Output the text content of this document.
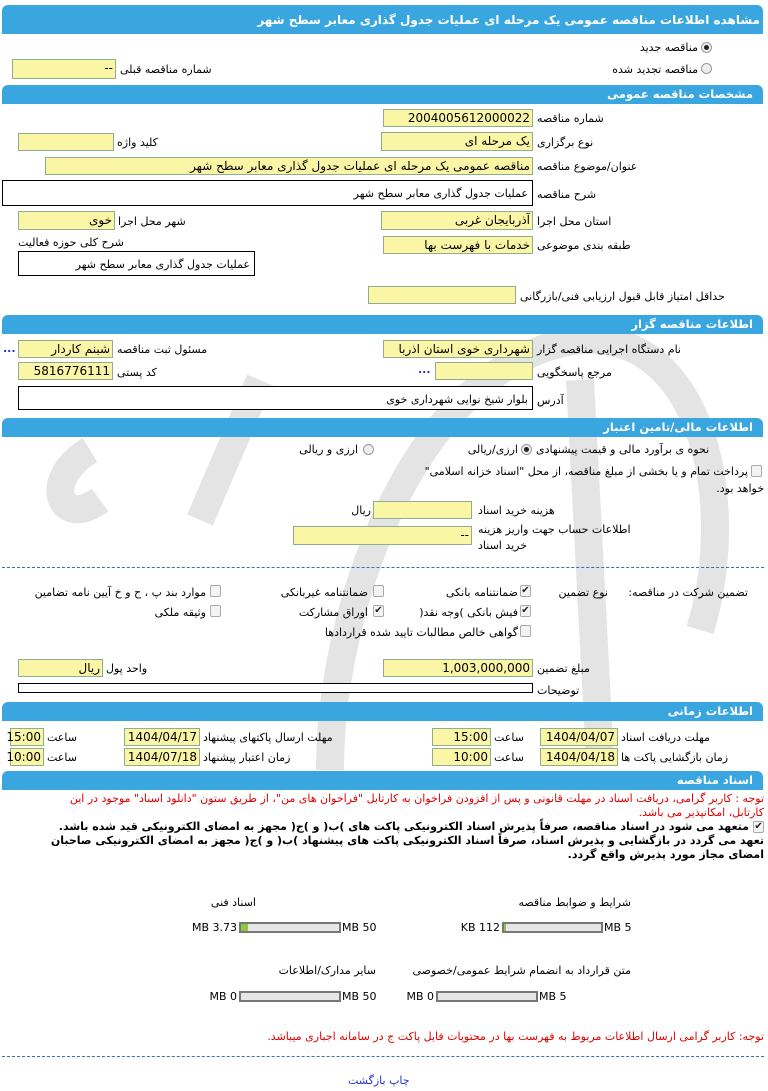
مشاهده اطلاعات مناقصه عمومی یک مرحله ای عملیات جدول گذاری معابر سطح شهر
مناقصه جدید
مناقصه تجدید شده
-- شماره مناقصه قبلی
مشخصات مناقصه عمومی
2004005612000022 شماره مناقصه
یک مرحله ای نوع برگزاری
کلید واژه
مناقصه عمومی یک مرحله ای عملیات جدول گذاری معابر سطح شهر عنوان/موضوع مناقصه
عملیات جدول گذاری معابر سطح شهر شرح مناقصه
آذربایجان غربی استان محل اجرا
خوی شهر محل اجرا
خدمات با فهرست بها طبقه بندی موضوعی
شرح کلی حوزه فعالیت
عملیات جدول گذاری معابر سطح شهر
حداقل امتیاز قابل قبول ارزیابی فنی/بازرگانی
اطلاعات مناقصه گزار
شهرداری خوی استان اذربا نام دستگاه اجرایی مناقصه گزار
شبنم کاردار مسئول ثبت مناقصه
...
مرجع پاسخگویی
...
5816776111 کد پستی
بلوار شیخ نوایی شهرداری خوی آدرس
اطلاعات مالی/تامین اعتبار
نحوه ی برآورد مالی و قیمت پیشنهادی
ارزی/ریالی
ارزی و ریالی
پرداخت تمام و یا بخشی از مبلغ مناقصه، از محل "اسناد خزانه اسلامی"
خواهد بود.
ریال	هزینه خرید اسناد
-- اطلاعات حساب جهت واریز هزینه
خرید اسناد
تضمین شرکت در مناقصه:
نوع تضمین
✔
ضمانتنامه بانکی
ضمانتنامه غیربانکی
موارد بند پ ، ح و خ آیین نامه تضامین
✔
فیش بانکی )وجه نقد(
✔
اوراق مشارکت
وثیقه ملکی
گواهی خالص مطالبات تایید شده قراردادها
1,003,000,000 مبلغ تضمین
ریال واحد پول
توضیحات
اطلاعات زمانی
1404/04/07 مهلت دریافت اسناد
15:00 ساعت
1404/04/17 مهلت ارسال پاکتهای پیشنهاد
15:00 ساعت
1404/04/18 زمان بازگشایی پاکت ها
10:00 ساعت
1404/07/18 زمان اعتبار پیشنهاد
10:00 ساعت
اسناد مناقصه
توجه : کاربر گرامی، دریافت اسناد در مهلت قانونی و پس از افزودن فراخوان به کارتابل "فراخوان های من"، از طریق ستون "دانلود اسناد" موجود در این
کارتابل، امکانپذیر می باشد.
✔
متعهد می شود در اسناد مناقصه، صرفاً پذیرش اسناد الکترونیکی پاکت های )ب( و )ج( مجهز به امضای الکترونیکی قید شده باشد.
تعهد می گردد در بازگشایی و پذیرش اسناد، صرفاً اسناد الکترونیکی پاکت های پیشنهاد )ب( و )ج( مجهز به امضای الکترونیکی صاحبان
امضای مجاز مورد پذیرش واقع گردد.
شرایط و ضوابط مناقصه
5 MB
112 KB
اسناد فنی
50 MB
3.73 MB
متن قرارداد به انضمام شرایط عمومی/خصوصی
5 MB
0 MB
سایر مدارک/اطلاعات
50 MB
0 MB
توجه: کاربر گرامی ارسال اطلاعات مربوط به فهرست بها در محتویات فایل پاکت ج در سامانه اجباری میباشد.
چاپ بازگشت
